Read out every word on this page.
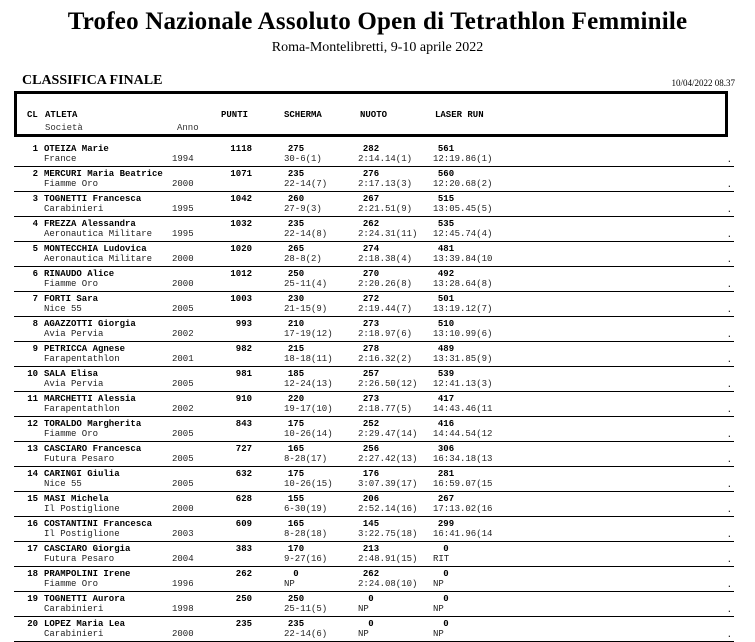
Trofeo Nazionale Assoluto Open di Tetrathlon Femminile
Roma-Montelibretti, 9-10 aprile 2022
CLASSIFICA FINALE	10/04/2022 08.37
CL ATLETA
Società	Anno
PUNTI	SCHERMA	NUOTO	LASER RUN
1 OTEIZA Marie	1118	275	282	561
France	1994	30-6(1)	2:14.14(1) 12:19.86(1)	.
2 MERCURI Maria Beatrice	1071	235	276	560
Fiamme Oro	2000	22-14(7)	2:17.13(3) 12:20.68(2)	.
3 TOGNETTI Francesca	1042	260	267	515
Carabinieri	1995	27-9(3)	2:21.51(9) 13:05.45(5)	.
4 FREZZA Alessandra	1032	235	262	535
Aeronautica Militare 1995	22-14(8)	2:24.31(11) 12:45.74(4)	.
5 MONTECCHIA Ludovica	1020	265	274	481
Aeronautica Militare 2000	28-8(2)	2:18.38(4) 13:39.84(10	.
6 RINAUDO Alice	1012	250	270	492
Fiamme Oro	2000	25-11(4)	2:20.26(8) 13:28.64(8)	.
7 FORTI Sara	1003	230	272	501
Nice 55	2005	21-15(9)	2:19.44(7) 13:19.12(7)	.
8 AGAZZOTTI Giorgia	993	210	273	510
Avia Pervia	2002	17-19(12)	2:18.97(6) 13:10.99(6)	.
9 PETRICCA Agnese	982	215	278	489
Farapentathlon	2001	18-18(11)	2:16.32(2) 13:31.85(9)	.
10 SALA Elisa	981	185	257	539
Avia Pervia	2005	12-24(13)	2:26.50(12) 12:41.13(3)	.
11 MARCHETTI Alessia	910	220	273	417
Farapentathlon	2002	19-17(10)	2:18.77(5) 14:43.46(11	.
12 TORALDO Margherita	843	175	252	416
Fiamme Oro	2005	10-26(14)	2:29.47(14) 14:44.54(12	.
13 CASCIARO Francesca	727	165	256	306
Futura Pesaro	2005	8-28(17)	2:27.42(13) 16:34.18(13	.
14 CARINGI Giulia	632	175	176	281
Nice 55	2005	10-26(15)	3:07.39(17) 16:59.07(15	.
15 MASI Michela	628	155	206	267
Il Postiglione	2000	6-30(19)	2:52.14(16) 17:13.02(16	.
16 COSTANTINI Francesca	609	165	145	299
Il Postiglione	2003	8-28(18)	3:22.75(18) 16:41.96(14	.
17 CASCIARO Giorgia	383	170	213	0
Futura Pesaro	2004	9-27(16)	2:48.91(15) RIT	.
18 PRAMPOLINI Irene	262	0	262	0
Fiamme Oro	1996	NP	2:24.08(10) NP	.
19 TOGNETTI Aurora	250	250	0	0
Carabinieri	1998	25-11(5)	NP	NP	.
20 LOPEZ Maria Lea	235	235	0	0
Carabinieri	2000	22-14(6)	NP	NP	.
